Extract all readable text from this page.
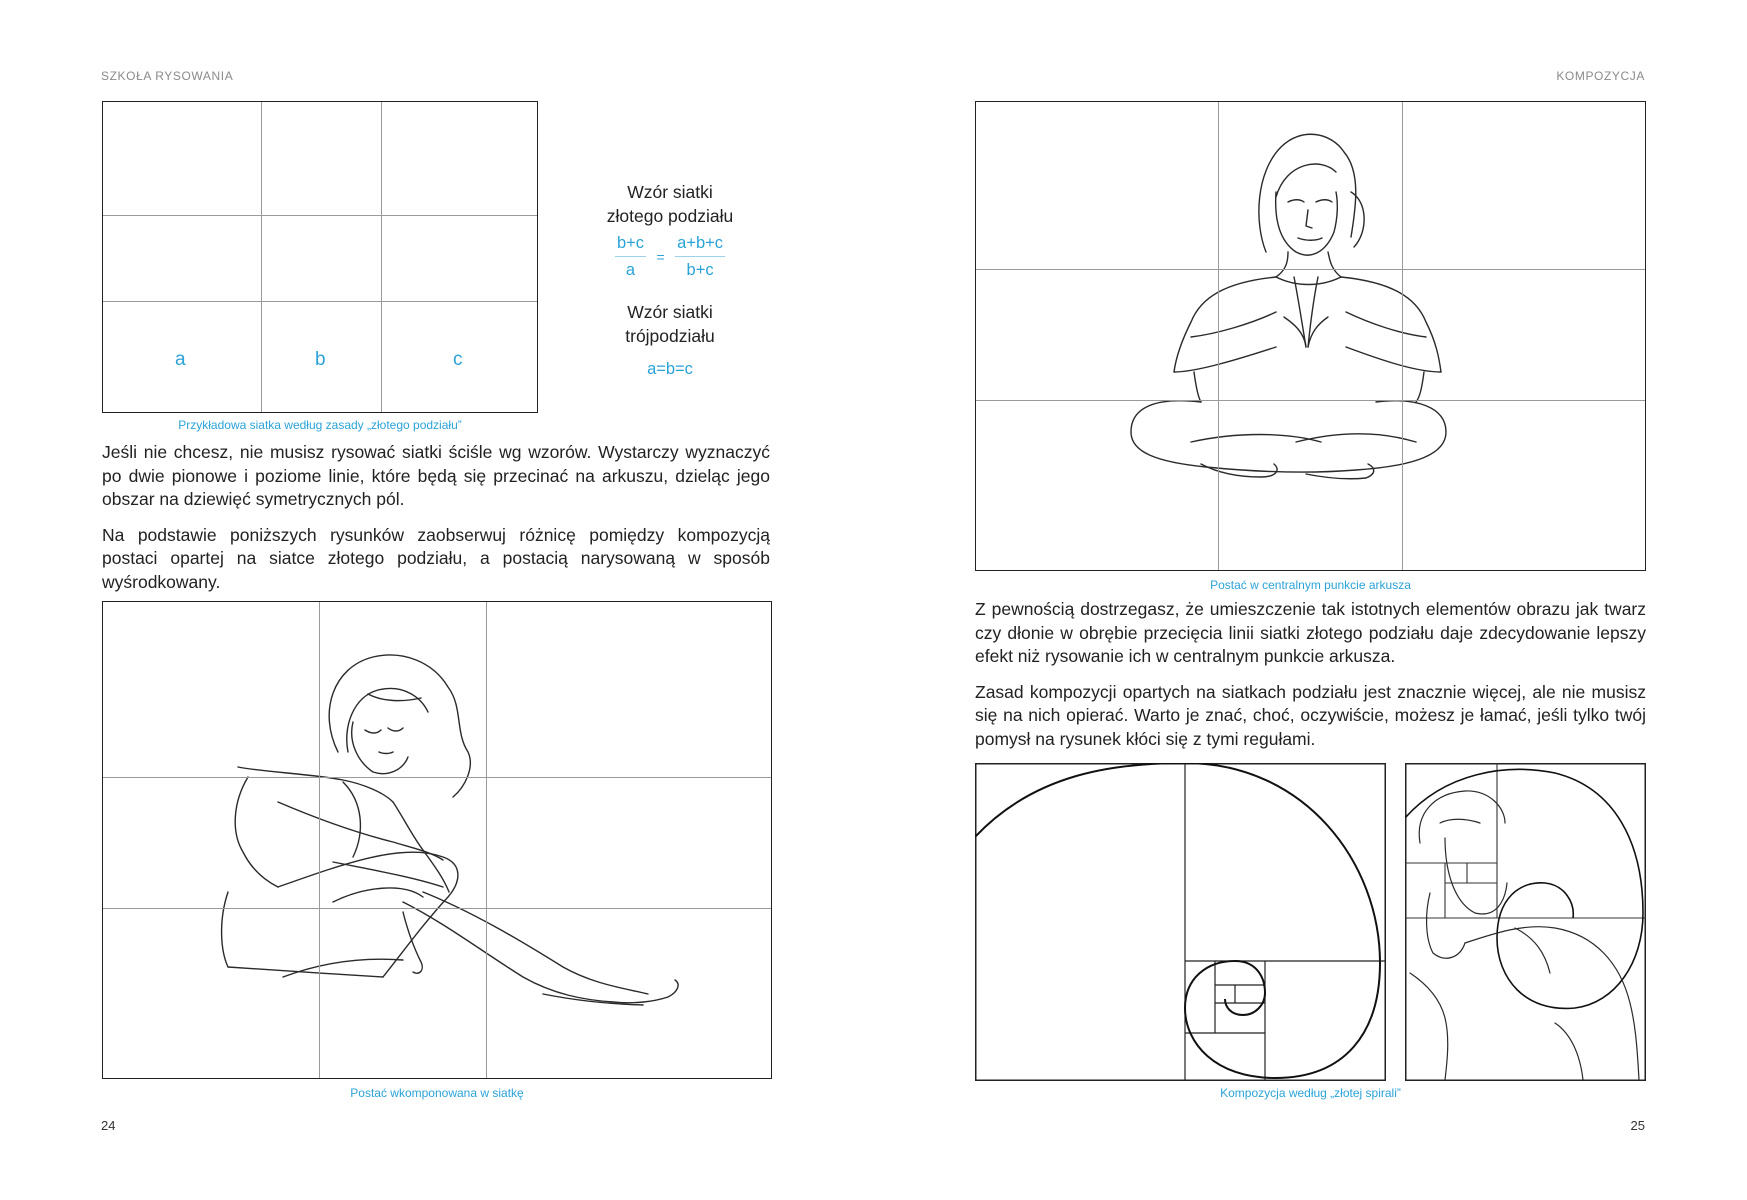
SZKOŁA RYSOWANIA
a	b	c
Wzór siatki
złotego podziału
$\frac{b+c}{a} = \frac{a+b+c}{b+c}$
Wzór siatki
trójpodziału
a=b=c
Przykładowa siatka według zasady „złotego podziału”

Jeśli nie chcesz, nie musisz rysować siatki ściśle wg wzorów. Wystarczy wyznaczyć po dwie pionowe i poziome linie, które będą się przecinać na arkuszu, dzieląc jego obszar na dziewięć symetrycznych pól.

Na podstawie poniższych rysunków zaobserwuj różnicę pomiędzy kompozycją postaci opartej na siatce złotego podziału, a postacią narysowaną w sposób wyśrodkowany.

Postać wkomponowana w siatkę
24
KOMPOZYCJA
Postać w centralnym punkcie arkusza

Z pewnością dostrzegasz, że umieszczenie tak istotnych elementów obrazu jak twarz czy dłonie w obrębie przecięcia linii siatki złotego podziału daje zdecydowanie lepszy efekt niż rysowanie ich w centralnym punkcie arkusza.

Zasad kompozycji opartych na siatkach podziału jest znacznie więcej, ale nie musisz się na nich opierać. Warto je znać, choć, oczywiście, możesz je łamać, jeśli tylko twój pomysł na rysunek kłóci się z tymi regułami.

Kompozycja według „złotej spirali”
25
